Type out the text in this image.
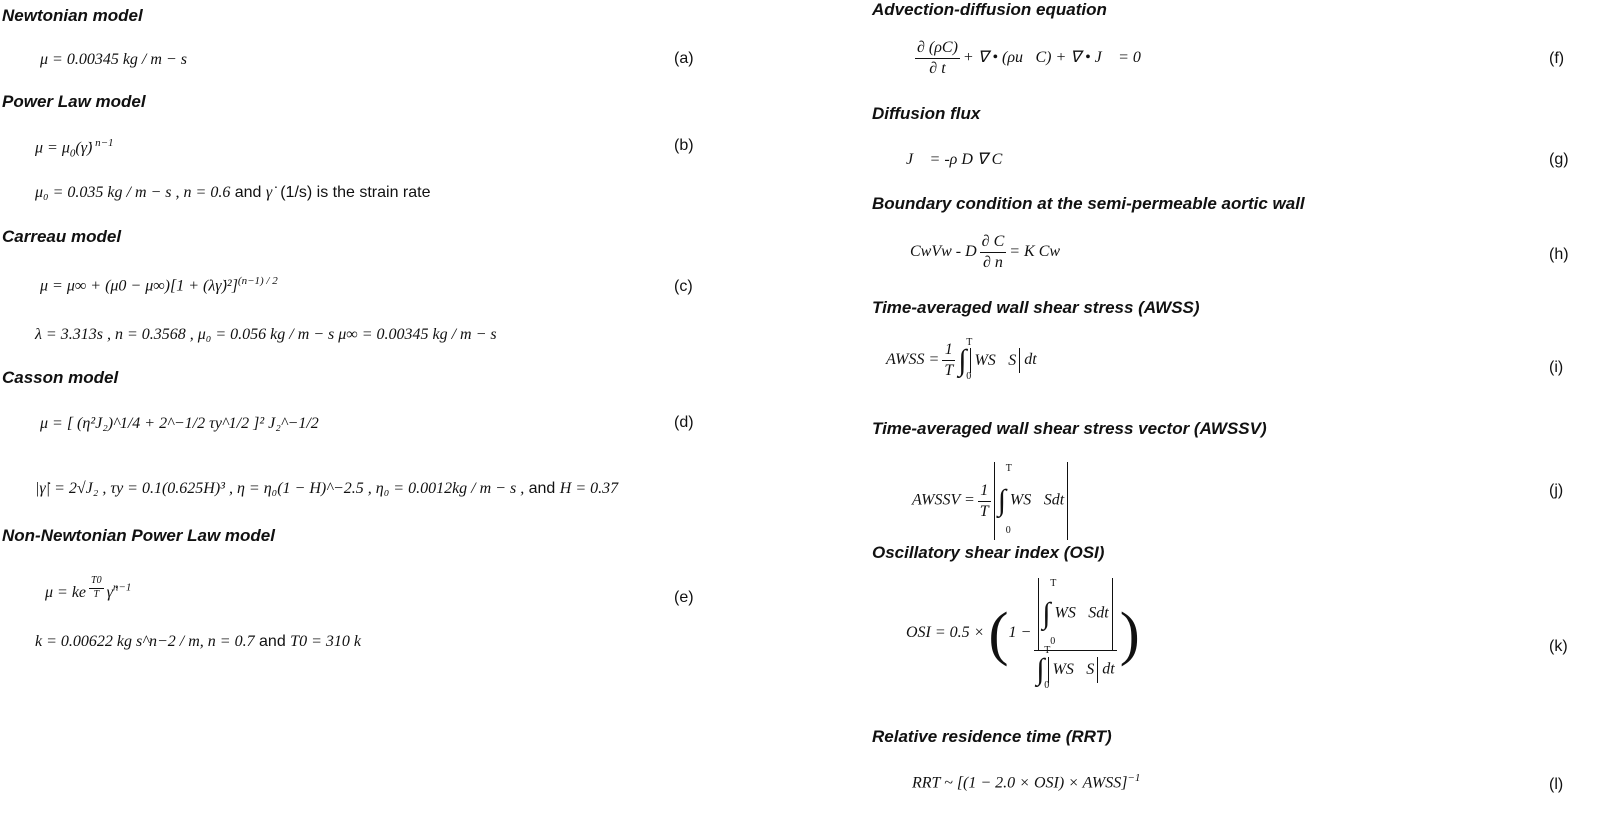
Newtonian model
μ = 0.00345 kg / m − s	(a)
Power Law model
$\mu = \mu_0(\gammȧ)$ $^{n-1}$	(b)
μ₀ = 0.035 kg / m − s , n = 0.6 and γ̇ (1/s) is the strain rate
Carreau model
μ = μ∞ + (μ0 − μ∞)[1 + (λγ̇)²]$^{(n-1) / 2}$	(c)
λ = 3.313s , n = 0.3568 , μ₀ = 0.056 kg / m − s μ∞ = 0.00345 kg / m − s
Casson model
μ = [ (η²J₂)^1/4 + 2^−1/2 τy^1/2 ]² J₂^−1/2	(d)
|γ̇| = 2√J₂ , τy = 0.1(0.625H)³ , η = η₀(1 − H)^−2.5 , η₀ = 0.0012kg / m − s , and H = 0.37
Non-Newtonian Power Law model
μ = ke $^{\frac{T0}{T}}$ γ̇$^{n-1}$
(e)
k = 0.00622 kg s^n−2 / m, n = 0.7 and T0 = 310 k
Advection-diffusion equation
$\frac{\partial (\rho C)}{\partial t}$ + ∇ • (ρu⃗C) + ∇ • J⃗ = 0	(f)
Diffusion flux
J⃗ = -ρ D ∇ C	(g)
Boundary condition at the semi-permeable aortic wall
CwVw - D $\frac{\partial C}{\partial n} = K$ Cw	(h)
Time-averaged wall shear stress (AWSS)
AWSS = $\frac{1}{T}$ ∫
T
0
WS⃗S dt	(i)
Time-averaged wall shear stress vector (AWSSV)
AWSSV = $\frac{1}{T}$ ∫
T
0
WS⃗Sdt
(j)
Oscillatory shear index (OSI)
OSI = 0.5 × (1 − ∫
T
0
WS⃗Sdt
∫
T
0
WS⃗S dt )	(k)
Relative residence time (RRT)
RRT ~ [(1 − 2.0 × OSI) × AWSS]$^{-1}$	(l)
